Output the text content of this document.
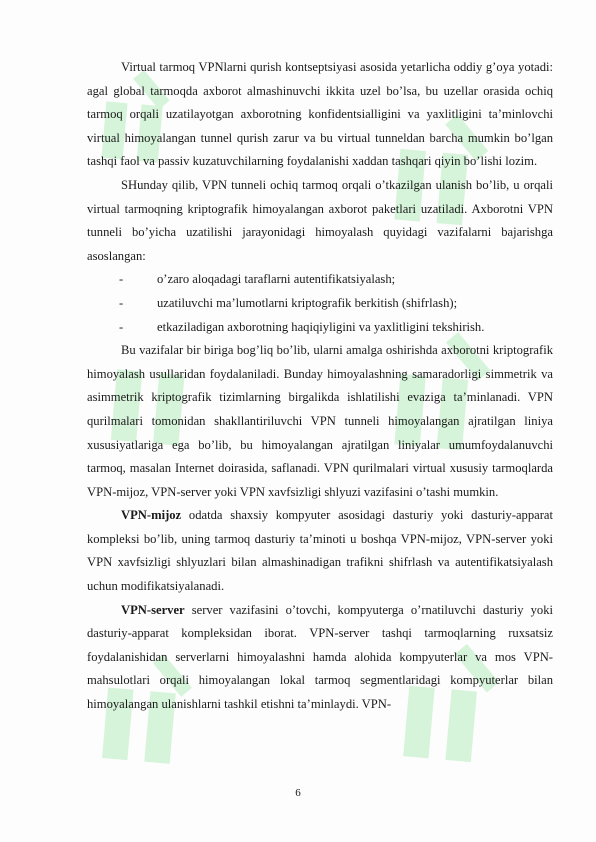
Virtual tarmoq VPNlarni qurish kontseptsiyasi asosida yetarlicha oddiy g’oya yotadi: agal global tarmoqda axborot almashinuvchi ikkita uzel bo’lsa, bu uzellar orasida ochiq tarmoq orqali uzatilayotgan axborotning konfidentsialligini va yaxlitligini ta’minlovchi virtual himoyalangan tunnel qurish zarur va bu virtual tunneldan barcha mumkin bo’lgan tashqi faol va passiv kuzatuvchilarning foydalanishi xaddan tashqari qiyin bo’lishi lozim.

SHunday qilib, VPN tunneli ochiq tarmoq orqali o’tkazilgan ulanish bo’lib, u orqali virtual tarmoqning kriptografik himoyalangan axborot paketlari uzatiladi. Axborotni VPN tunneli bo’yicha uzatilishi jarayonidagi himoyalash quyidagi vazifalarni bajarishga asoslangan:

-	o’zaro aloqadagi taraflarni autentifikatsiyalash;
-	uzatiluvchi ma’lumotlarni kriptografik berkitish (shifrlash);
-	etkaziladigan axborotning haqiqiyligini va yaxlitligini tekshirish.

Bu vazifalar bir biriga bog’liq bo’lib, ularni amalga oshirishda axborotni kriptografik himoyalash usullaridan foydalaniladi. Bunday himoyalashning samaradorligi simmetrik va asimmetrik kriptografik tizimlarning birgalikda ishlatilishi evaziga ta’minlanadi. VPN qurilmalari tomonidan shakllantiriluvchi VPN tunneli himoyalangan ajratilgan liniya xususiyatlariga ega bo’lib, bu himoyalangan ajratilgan liniyalar umumfoydalanuvchi tarmoq, masalan Internet doirasida, saflanadi. VPN qurilmalari virtual xususiy tarmoqlarda VPN-mijoz, VPN-server yoki VPN xavfsizligi shlyuzi vazifasini o’tashi mumkin.

VPN-mijoz odatda shaxsiy kompyuter asosidagi dasturiy yoki dasturiy-apparat kompleksi bo’lib, uning tarmoq dasturiy ta’minoti u boshqa VPN-mijoz, VPN-server yoki VPN xavfsizligi shlyuzlari bilan almashinadigan trafikni shifrlash va autentifikatsiyalash uchun modifikatsiyalanadi.

VPN-server server vazifasini o’tovchi, kompyuterga o’rnatiluvchi dasturiy yoki dasturiy-apparat kompleksidan iborat. VPN-server tashqi tarmoqlarning ruxsatsiz foydalanishidan serverlarni himoyalashni hamda alohida kompyuterlar va mos VPN-mahsulotlari orqali himoyalangan lokal tarmoq segmentlaridagi kompyuterlar bilan himoyalangan ulanishlarni tashkil etishni ta’minlaydi. VPN-

6
